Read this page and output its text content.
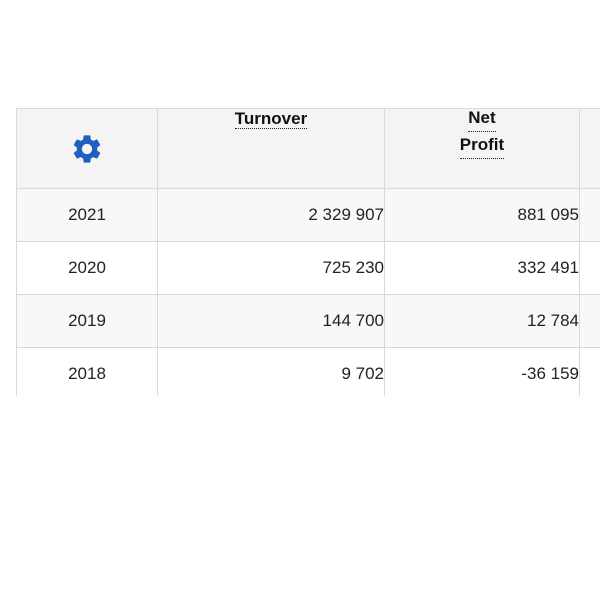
	Turnover	Net
Profit	

2021	2 329 907	881 095	
2020	725 230	332 491	
2019	144 700	12 784	
2018	9 702	-36 159	
